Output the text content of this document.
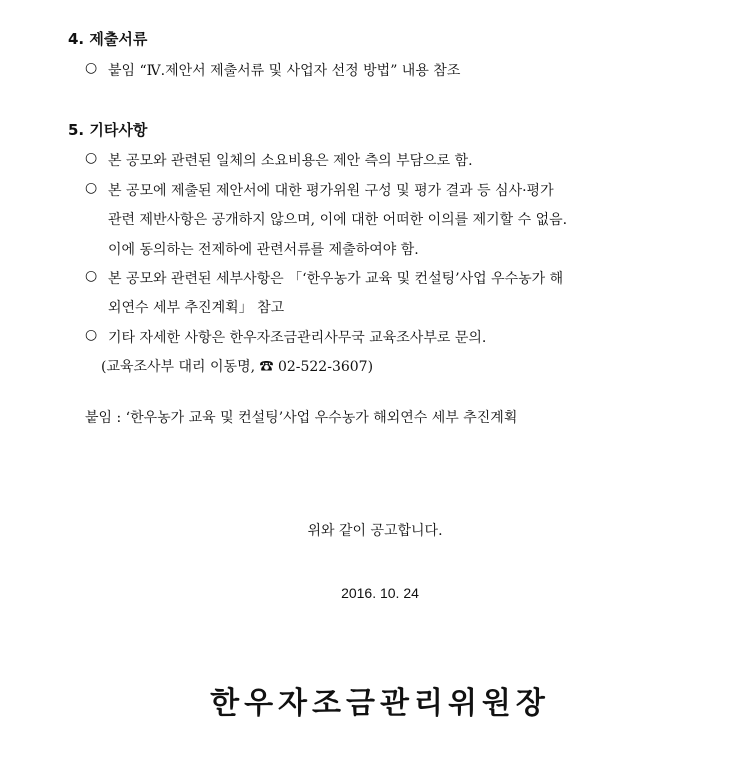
4. 제출서류
○ 붙임 “Ⅳ.제안서 제출서류 및 사업자 선정 방법” 내용 참조
5. 기타사항
○ 본 공모와 관련된 일체의 소요비용은 제안 측의 부담으로 함.
○ 본 공모에 제출된 제안서에 대한 평가위원 구성 및 평가 결과 등 심사·평가
관련 제반사항은 공개하지 않으며, 이에 대한 어떠한 이의를 제기할 수 없음.
이에 동의하는 전제하에 관련서류를 제출하여야 함.
○ 본 공모와 관련된 세부사항은 「‘한우농가 교육 및 컨설팅’사업 우수농가 해
외연수 세부 추진계획」 참고
○ 기타 자세한 사항은 한우자조금관리사무국 교육조사부로 문의.
(교육조사부 대리 이동명, ☎ 02-522-3607)
붙임 : ‘한우농가 교육 및 컨설팅’사업 우수농가 해외연수 세부 추진계획
위와 같이 공고합니다.
2016. 10. 24
한우자조금관리위원장
